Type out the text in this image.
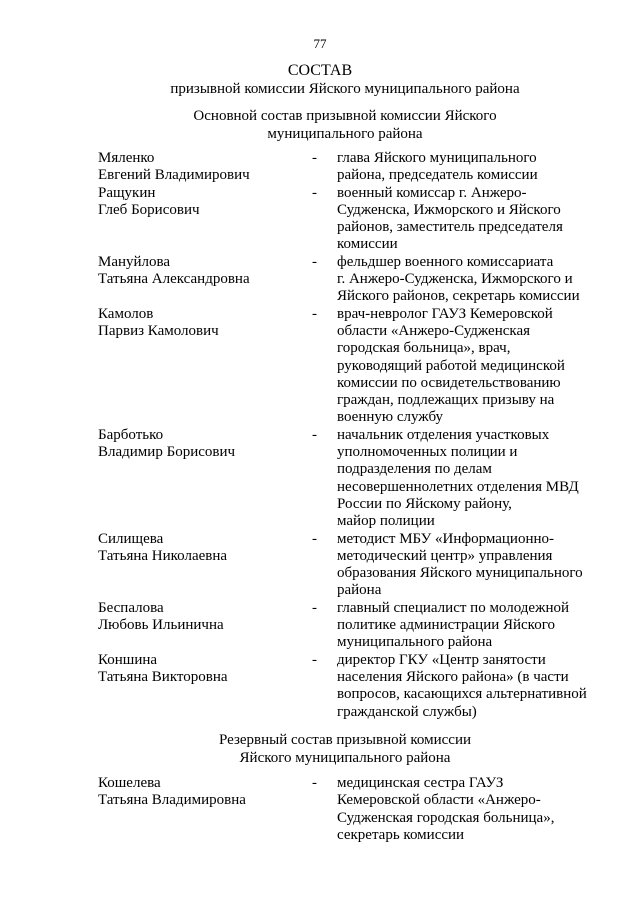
77
СОСТАВ
призывной комиссии Яйского муниципального района
Основной состав призывной комиссии Яйского
муниципального района
Мяленко
Евгений Владимирович
-	глава Яйского муниципального
района, председатель комиссии
Ращукин
Глеб Борисович
-	военный комиссар г. Анжеро-
Судженска, Ижморского и Яйского
районов, заместитель председателя
комиссии
Мануйлова
Татьяна Александровна
-	фельдшер военного комиссариата
г. Анжеро-Судженска, Ижморского и
Яйского районов, секретарь комиссии
Камолов
Парвиз Камолович
-	врач-невролог ГАУЗ Кемеровской
области «Анжеро-Судженская
городская больница», врач,
руководящий работой медицинской
комиссии по освидетельствованию
граждан, подлежащих призыву на
военную службу
Барботько
Владимир Борисович
-	начальник отделения участковых
уполномоченных полиции и
подразделения по делам
несовершеннолетних отделения МВД
России по Яйскому району,
майор полиции
Силищева
Татьяна Николаевна
-	методист МБУ «Информационно-
методический центр» управления
образования Яйского муниципального
района
Беспалова
Любовь Ильинична
-	главный специалист по молодежной
политике администрации Яйского
муниципального района
Коншина
Татьяна Викторовна
-	директор ГКУ «Центр занятости
населения Яйского района» (в части
вопросов, касающихся альтернативной
гражданской службы)
Резервный состав призывной комиссии
Яйского муниципального района
Кошелева
Татьяна Владимировна
-	медицинская сестра ГАУЗ
Кемеровской области «Анжеро-
Судженская городская больница»,
секретарь комиссии
